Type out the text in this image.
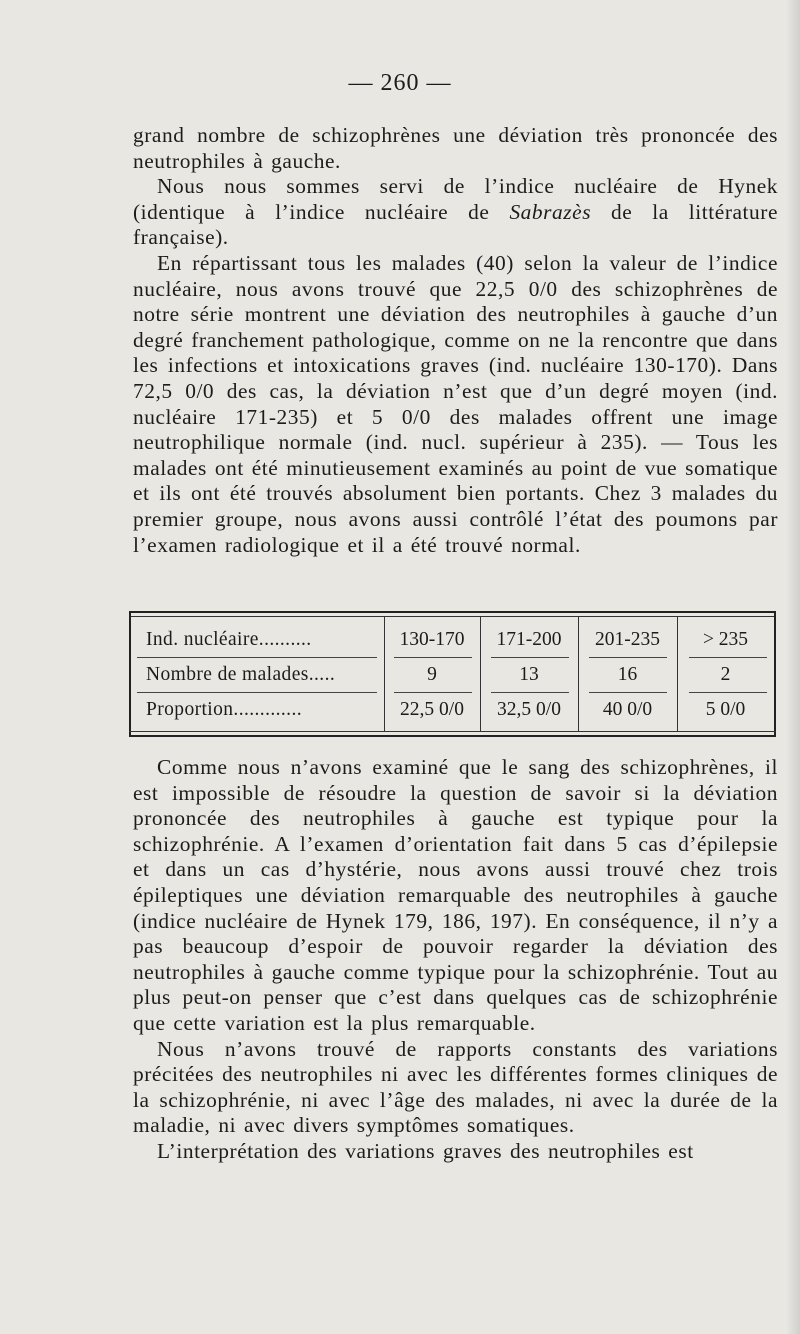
— 260 —

grand nombre de schizophrènes une déviation très prononcée des neutrophiles à gauche.

Nous nous sommes servi de l’indice nucléaire de Hynek (identique à l’indice nucléaire de Sabrazès de la littérature française).

En répartissant tous les malades (40) selon la valeur de l’indice nucléaire, nous avons trouvé que 22,5 0/0 des schizophrènes de notre série montrent une déviation des neutrophiles à gauche d’un degré franchement pathologique, comme on ne la rencontre que dans les infections et intoxications graves (ind. nucléaire 130-170). Dans 72,5 0/0 des cas, la déviation n’est que d’un degré moyen (ind. nucléaire 171-235) et 5 0/0 des malades offrent une image neutrophilique normale (ind. nucl. supérieur à 235). — Tous les malades ont été minutieusement examinés au point de vue somatique et ils ont été trouvés absolument bien portants. Chez 3 malades du premier groupe, nous avons aussi contrôlé l’état des poumons par l’examen radiologique et il a été trouvé normal.

Ind. nucléaire..........	130-170	171-200	201-235	> 235
Nombre de malades.....	9	13	16	2
Proportion.............	22,5 0/0	32,5 0/0	40 0/0	5 0/0

Comme nous n’avons examiné que le sang des schizophrènes, il est impossible de résoudre la question de savoir si la déviation prononcée des neutrophiles à gauche est typique pour la schizophrénie. A l’examen d’orientation fait dans 5 cas d’épilepsie et dans un cas d’hystérie, nous avons aussi trouvé chez trois épileptiques une déviation remarquable des neutrophiles à gauche (indice nucléaire de Hynek 179, 186, 197). En conséquence, il n’y a pas beaucoup d’espoir de pouvoir regarder la déviation des neutrophiles à gauche comme typique pour la schizophrénie. Tout au plus peut-on penser que c’est dans quelques cas de schizophrénie que cette variation est la plus remarquable.

Nous n’avons trouvé de rapports constants des variations précitées des neutrophiles ni avec les différentes formes cliniques de la schizophrénie, ni avec l’âge des malades, ni avec la durée de la maladie, ni avec divers symptômes somatiques.

L’interprétation des variations graves des neutrophiles est
